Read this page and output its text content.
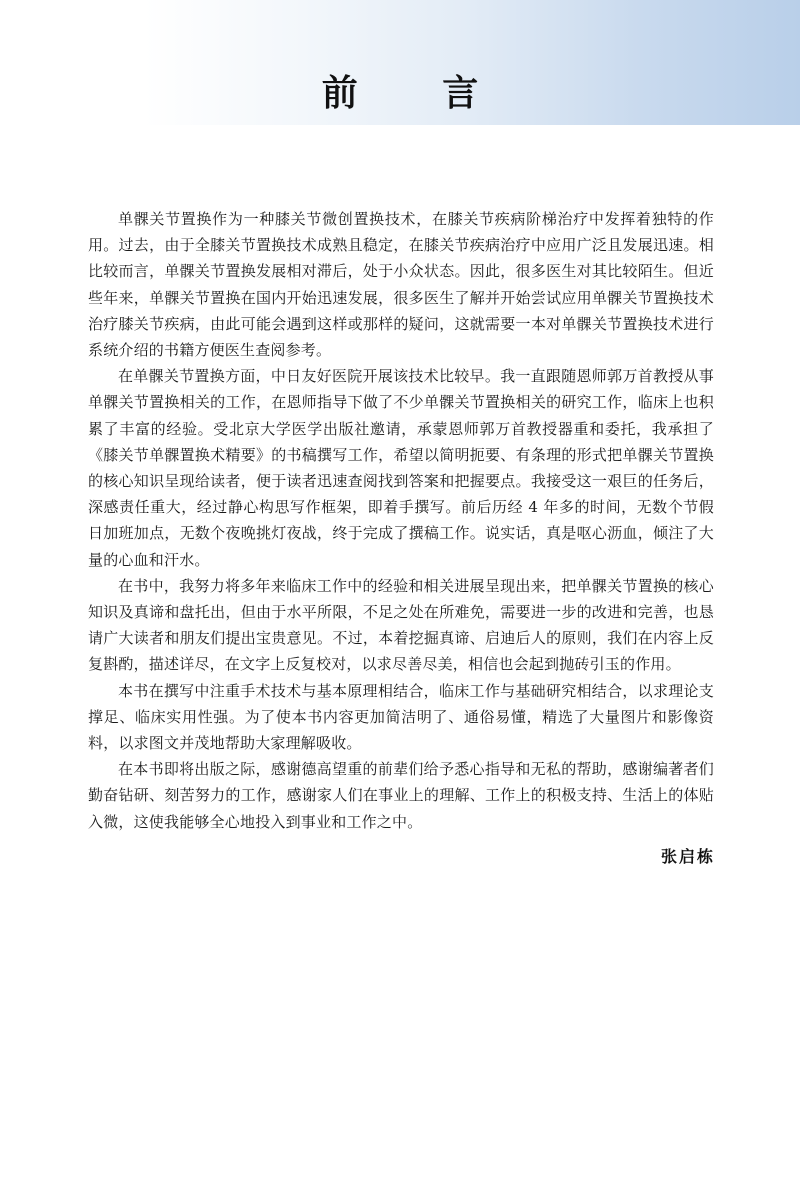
前 言

单髁关节置换作为一种膝关节微创置换技术，在膝关节疾病阶梯治疗中发挥着独特的作用。过去，由于全膝关节置换技术成熟且稳定，在膝关节疾病治疗中应用广泛且发展迅速。相比较而言，单髁关节置换发展相对滞后，处于小众状态。因此，很多医生对其比较陌生。但近些年来，单髁关节置换在国内开始迅速发展，很多医生了解并开始尝试应用单髁关节置换技术治疗膝关节疾病，由此可能会遇到这样或那样的疑问，这就需要一本对单髁关节置换技术进行系统介绍的书籍方便医生查阅参考。

在单髁关节置换方面，中日友好医院开展该技术比较早。我一直跟随恩师郭万首教授从事单髁关节置换相关的工作，在恩师指导下做了不少单髁关节置换相关的研究工作，临床上也积累了丰富的经验。受北京大学医学出版社邀请，承蒙恩师郭万首教授器重和委托，我承担了《膝关节单髁置换术精要》的书稿撰写工作，希望以简明扼要、有条理的形式把单髁关节置换的核心知识呈现给读者，便于读者迅速查阅找到答案和把握要点。我接受这一艰巨的任务后，深感责任重大，经过静心构思写作框架，即着手撰写。前后历经 4 年多的时间，无数个节假日加班加点，无数个夜晚挑灯夜战，终于完成了撰稿工作。说实话，真是呕心沥血，倾注了大量的心血和汗水。

在书中，我努力将多年来临床工作中的经验和相关进展呈现出来，把单髁关节置换的核心知识及真谛和盘托出，但由于水平所限，不足之处在所难免，需要进一步的改进和完善，也恳请广大读者和朋友们提出宝贵意见。不过，本着挖掘真谛、启迪后人的原则，我们在内容上反复斟酌，描述详尽，在文字上反复校对，以求尽善尽美，相信也会起到抛砖引玉的作用。

本书在撰写中注重手术技术与基本原理相结合，临床工作与基础研究相结合，以求理论支撑足、临床实用性强。为了使本书内容更加简洁明了、通俗易懂，精选了大量图片和影像资料，以求图文并茂地帮助大家理解吸收。

在本书即将出版之际，感谢德高望重的前辈们给予悉心指导和无私的帮助，感谢编著者们勤奋钻研、刻苦努力的工作，感谢家人们在事业上的理解、工作上的积极支持、生活上的体贴入微，这使我能够全心地投入到事业和工作之中。

张启栋
